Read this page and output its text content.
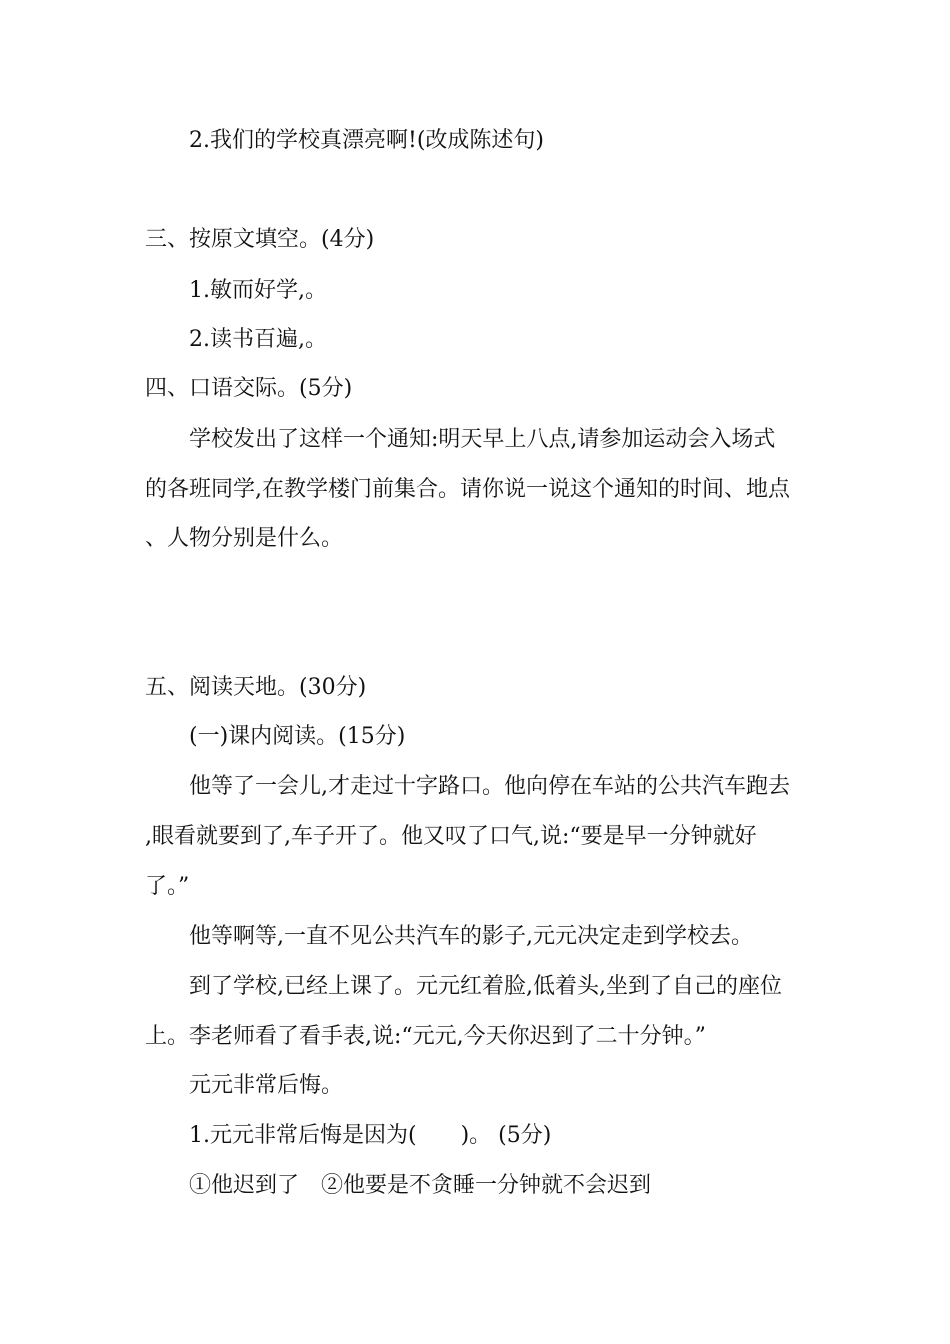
2.我们的学校真漂亮啊!(改成陈述句)
三、按原文填空。(4分)
1.敏而好学,。
2.读书百遍,。
四、口语交际。(5分)
学校发出了这样一个通知:明天早上八点,请参加运动会入场式
的各班同学,在教学楼门前集合。请你说一说这个通知的时间、地点
、人物分别是什么。
五、阅读天地。(30分)
(一)课内阅读。(15分)
他等了一会儿,才走过十字路口。他向停在车站的公共汽车跑去
,眼看就要到了,车子开了。他又叹了口气,说:“要是早一分钟就好
了。”
他等啊等,一直不见公共汽车的影子,元元决定走到学校去。
到了学校,已经上课了。元元红着脸,低着头,坐到了自己的座位
上。李老师看了看手表,说:“元元,今天你迟到了二十分钟。”
元元非常后悔。
1.元元非常后悔是因为(　　)。 (5分)
①他迟到了　②他要是不贪睡一分钟就不会迟到
